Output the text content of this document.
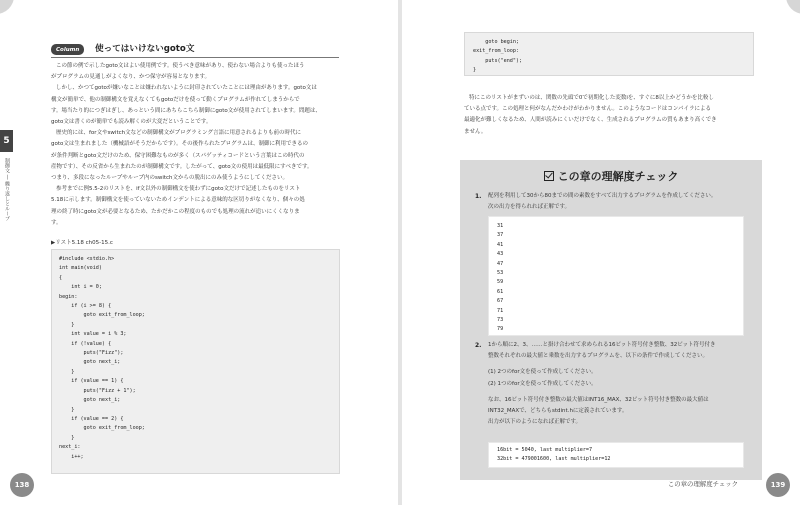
5
制御文 ― 繰り返しとループ
Column	使ってはいけないgoto文
この節の例で示したgoto文はよい使用例です。使うべき意味があり、使わない場合よりも使ったほう
がプログラムの見通しがよくなり、かつ保守が容易となります。
しかし、かつてgotoが嫌いなことは嫌われないように封印されていたことには理由があります。goto文は
構文が簡単で、他の制御構文を覚えなくてもgotoだけを使って動くプログラムが作れてしまうからで
す。場当たり的につぎはぎし、あっという間にあちらこちら制御にgoto文が使用されてしまいます。問題は、
goto文は書くのが簡単でも読み解くのが大変だということです。
歴史的には、for文やswitch文などの制御構文がプログラミング言語に用意されるよりも前の時代に
goto文は生まれました（機械語がそうだからです）。その後作られたプログラムは、制御に利用できるの
が条件判断とgoto文だけのため、保守困難なものが多く（スパゲッティコードという言葉はこの時代の
産物です）、その反省から生まれたのが制御構文です。したがって、goto文の使用は最低限にすべきです。
つまり、多段になったループやループ内のswitch文からの脱出にのみ使うようにしてください。
参考までに例5.5-2のリストを、if文以外の制御構文を使わずにgoto文だけで記述したものをリスト
5.18に示します。制御構文を使っていないためインデントによる意味的な区切りがなくなり、個々の処
理の終了時にgoto文が必要となるため、たかだかこの程度のものでも処理の流れが追いにくくなりま
す。
▶リスト5.18 ch05-15.c
#include <stdio.h>
int main(void)
{
int i = 0;
begin:
if (i >= 8) {
goto exit_from_loop;
}
int value = i % 3;
if (!value) {
puts("Fizz");
goto next_i;
}
if (value == 1) {
puts("Fizz + 1");
goto next_i;
}
if (value == 2) {
goto exit_from_loop;
}
next_i:
i++;
138
goto begin;
exit_from_loop:
puts("end");
}
特にこのリストがまずいのは、関数の先頭で0で初期化した変数iを、すぐに8以上かどうかを比較し
ている点です。この処理と何がなんだかわけがわかりません。このようなコードはコンパイラによる
最適化が難しくなるため、人間が読みにくいだけでなく、生成されるプログラムの質もあまり高くでき
ません。
この章の理解度チェック
1. 配列を利用して30から80までの間の素数をすべて出力するプログラムを作成してください。
次の出力を得られれば正解です。
31
37
41
43
47
53
59
61
67
71
73
79
2. 1から順に2、3、……と掛け合わせて求められる16ビット符号付き整数、32ビット符号付き
整数それぞれの最大値と乗数を出力するプログラムを、以下の条件で作成してください。
(1) 2つのfor文を使って作成してください。
(2) 1つのfor文を使って作成してください。
なお、16ビット符号付き整数の最大値はINT16_MAX、32ビット符号付き整数の最大値は
INT32_MAXで、どちらもstdint.hに定義されています。
出力が以下のようになれば正解です。
16bit = 5040, last multiplier=7
32bit = 479001600, last multiplier=12
この章の理解度チェック	139
